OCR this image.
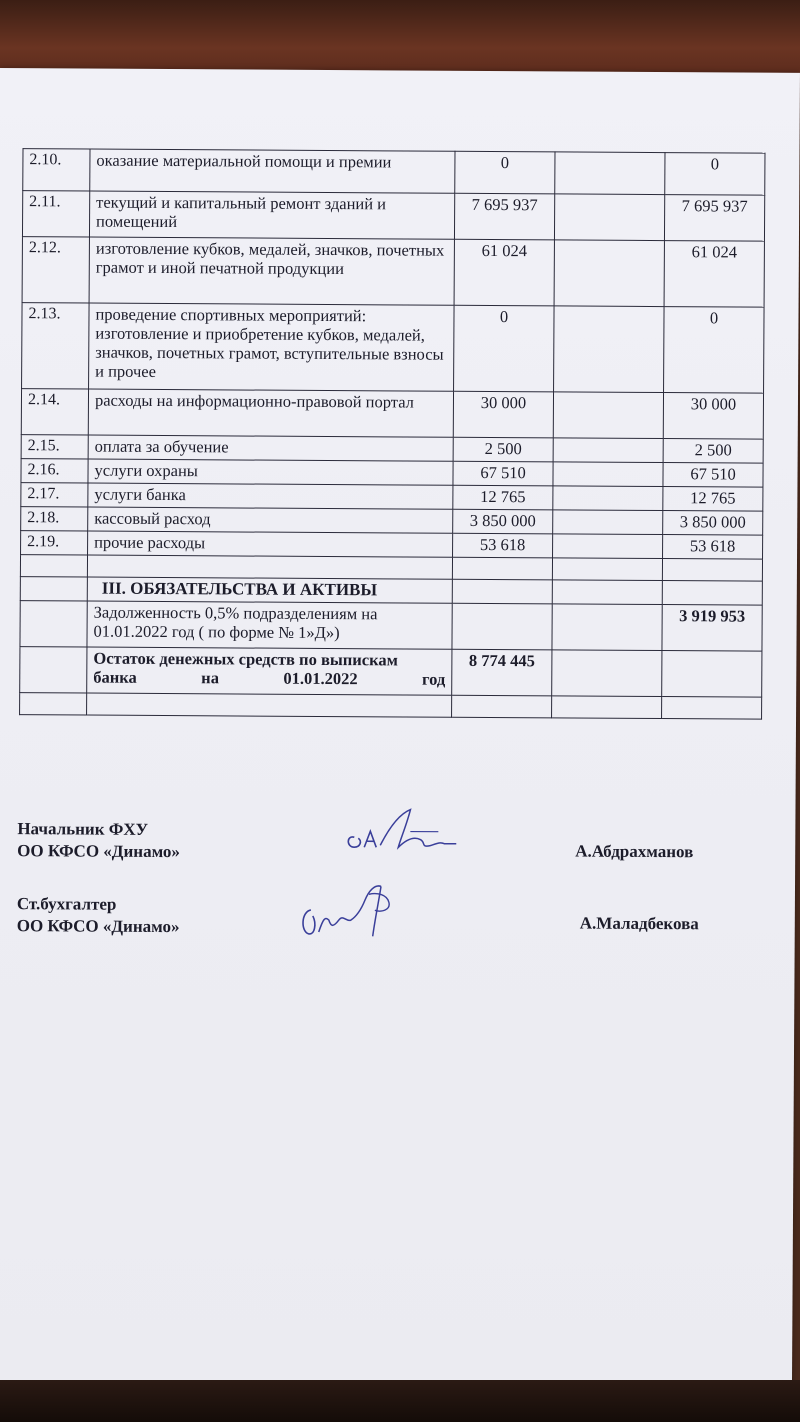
2.10.	оказание материальной помощи и премии	0		0
2.11.	текущий и капитальный ремонт зданий и помещений	7 695 937		7 695 937
2.12.	изготовление кубков, медалей, значков, почетных грамот и иной печатной продукции	61 024		61 024
2.13.	проведение спортивных мероприятий: изготовление и приобретение кубков, медалей, значков, почетных грамот, вступительные взносы и прочее	0		0
2.14.	расходы на информационно-правовой портал	30 000		30 000
2.15.	оплата за обучение	2 500		2 500
2.16.	услуги охраны	67 510		67 510
2.17.	услуги банка	12 765		12 765
2.18.	кассовый расход	3 850 000		3 850 000
2.19.	прочие расходы	53 618		53 618

	III. ОБЯЗАТЕЛЬСТВА И АКТИВЫ			
	Задолженность 0,5% подразделениям на 01.01.2022 год ( по форме № 1»Д»)			3 919 953
	Остаток денежных средств по выпискам банка на 01.01.2022 год	8 774 445		

Начальник ФХУ
ОО КФСО «Динамо»	А.Абдрахманов
Ст.бухгалтер
ОО КФСО «Динамо»	А.Маладбекова
